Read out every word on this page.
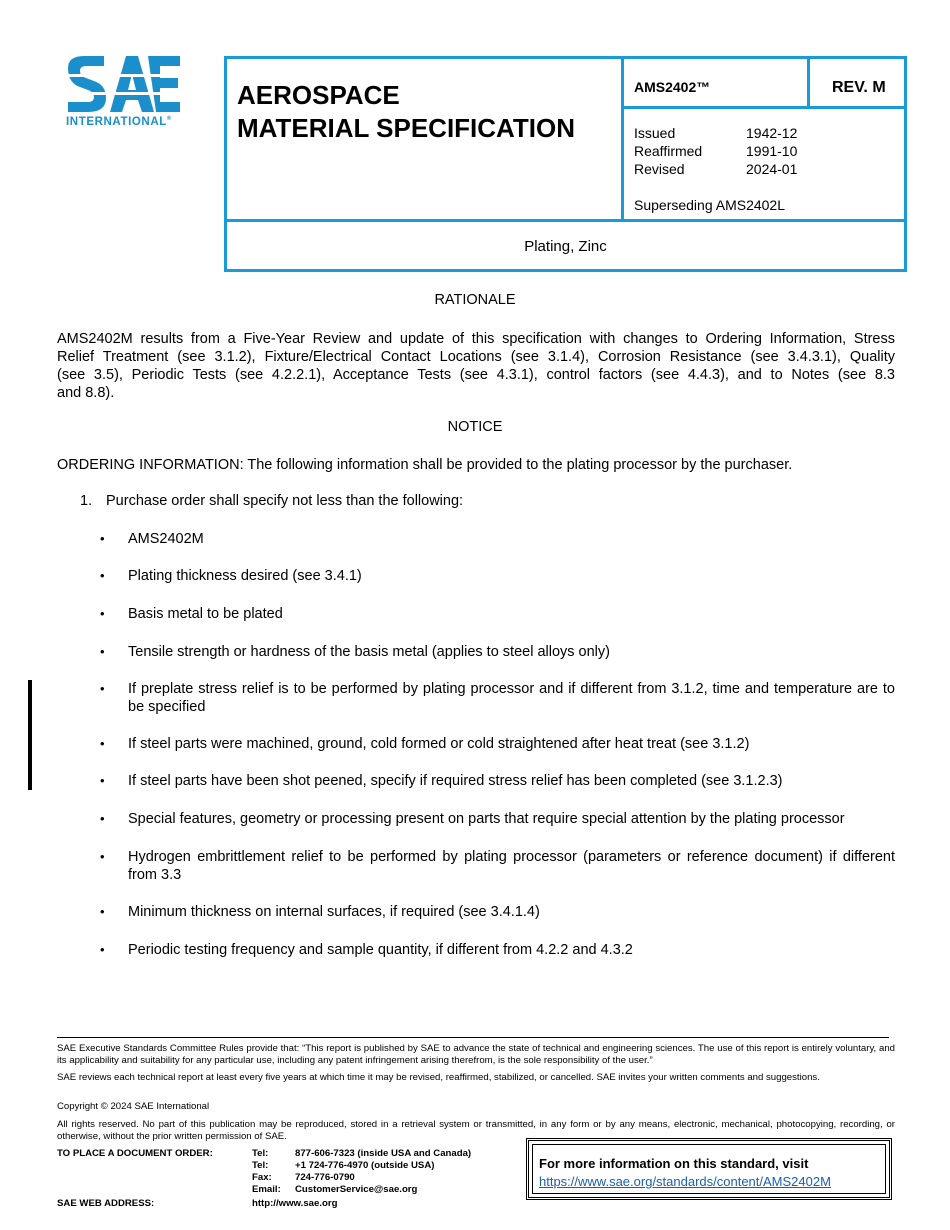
INTERNATIONAL®
AEROSPACE
MATERIAL SPECIFICATION
AMS2402™	REV. M
Issued	1942-12
Reaffirmed	1991-10
Revised	2024-01
Superseding AMS2402L
Plating, Zinc
RATIONALE
AMS2402M results from a Five-Year Review and update of this specification with changes to Ordering Information, Stress
Relief Treatment (see 3.1.2), Fixture/Electrical Contact Locations (see 3.1.4), Corrosion Resistance (see 3.4.3.1), Quality
(see 3.5), Periodic Tests (see 4.2.2.1), Acceptance Tests (see 4.3.1), control factors (see 4.4.3), and to Notes (see 8.3
and 8.8).
NOTICE
ORDERING INFORMATION: The following information shall be provided to the plating processor by the purchaser.
1. Purchase order shall specify not less than the following:
• AMS2402M
• Plating thickness desired (see 3.4.1)
• Basis metal to be plated
• Tensile strength or hardness of the basis metal (applies to steel alloys only)
• If preplate stress relief is to be performed by plating processor and if different from 3.1.2, time and temperature are to be specified
• If steel parts were machined, ground, cold formed or cold straightened after heat treat (see 3.1.2)
• If steel parts have been shot peened, specify if required stress relief has been completed (see 3.1.2.3)
• Special features, geometry or processing present on parts that require special attention by the plating processor
• Hydrogen embrittlement relief to be performed by plating processor (parameters or reference document) if different from 3.3
• Minimum thickness on internal surfaces, if required (see 3.4.1.4)
• Periodic testing frequency and sample quantity, if different from 4.2.2 and 4.3.2
SAE Executive Standards Committee Rules provide that: “This report is published by SAE to advance the state of technical and engineering sciences. The use of this report is entirely voluntary, and its applicability and suitability for any particular use, including any patent infringement arising therefrom, is the sole responsibility of the user.”
SAE reviews each technical report at least every five years at which time it may be revised, reaffirmed, stabilized, or cancelled. SAE invites your written comments and suggestions.
Copyright © 2024 SAE International
All rights reserved. No part of this publication may be reproduced, stored in a retrieval system or transmitted, in any form or by any means, electronic, mechanical, photocopying, recording, or otherwise, without the prior written permission of SAE.
TO PLACE A DOCUMENT ORDER:	Tel:	877-606-7323 (inside USA and Canada)
Tel:	+1 724-776-4970 (outside USA)
Fax: 724-776-0790
Email: CustomerService@sae.org
SAE WEB ADDRESS:	http://www.sae.org
For more information on this standard, visit
https://www.sae.org/standards/content/AMS2402M
